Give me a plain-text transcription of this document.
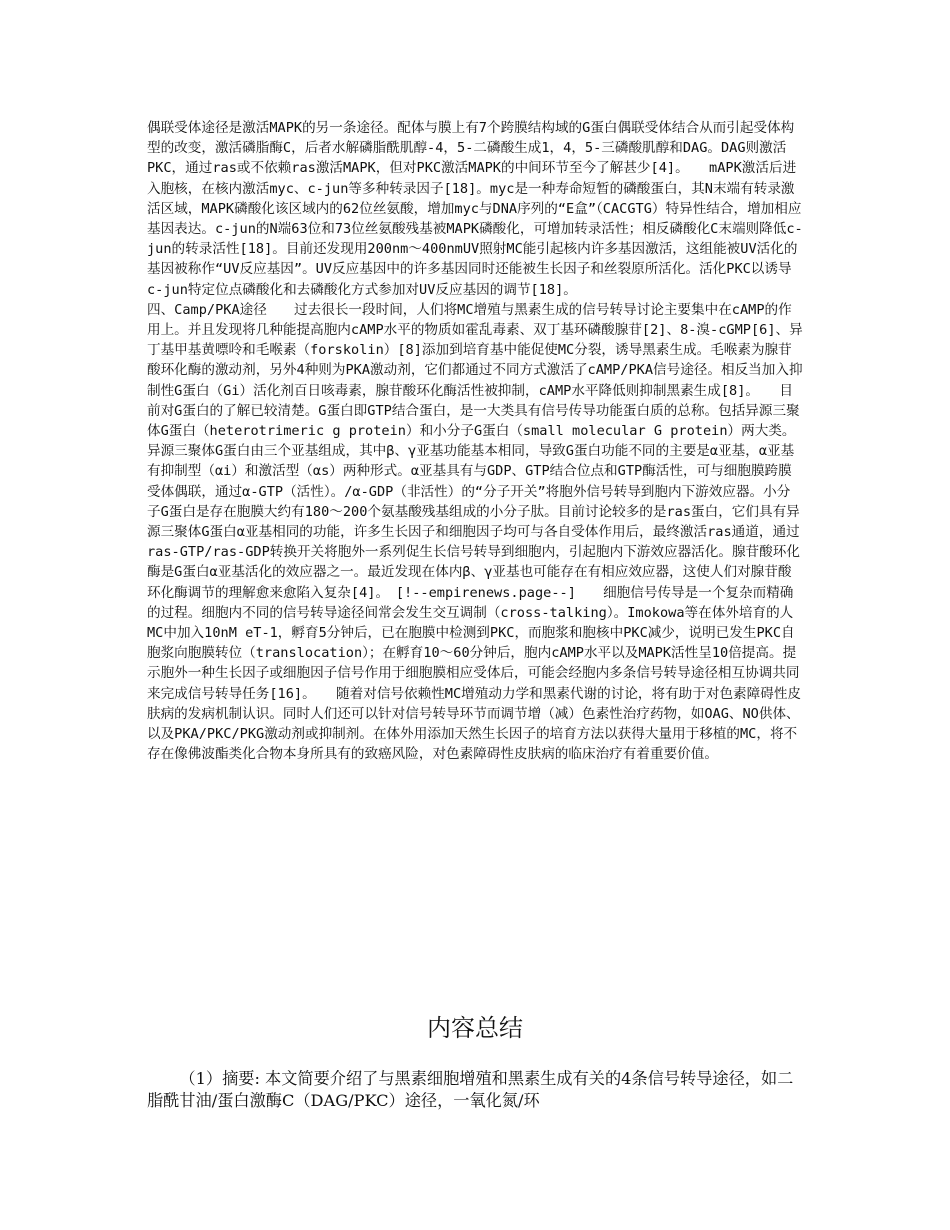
偶联受体途径是激活MAPK的另一条途径。配体与膜上有7个跨膜结构域的G蛋白偶联受体结合从而引起受体构型的改变，激活磷脂酶C，后者水解磷脂酰肌醇-4，5-二磷酸生成1，4，5-三磷酸肌醇和DAG。DAG则激活PKC，通过ras或不依赖ras激活MAPK，但对PKC激活MAPK的中间环节至今了解甚少[4]。　　mAPK激活后进入胞核，在核内激活myc、c-jun等多种转录因子[18]。myc是一种寿命短暂的磷酸蛋白，其N末端有转录激活区域，MAPK磷酸化该区域内的62位丝氨酸，增加myc与DNA序列的“E盒”（CACGTG）特异性结合，增加相应基因表达。c-jun的N端63位和73位丝氨酸残基被MAPK磷酸化，可增加转录活性；相反磷酸化C末端则降低c-jun的转录活性[18]。目前还发现用200nm～400nmUV照射MC能引起核内许多基因激活，这组能被UV活化的基因被称作“UV反应基因”。UV反应基因中的许多基因同时还能被生长因子和丝裂原所活化。活化PKC以诱导c-jun特定位点磷酸化和去磷酸化方式参加对UV反应基因的调节[18]。

四、Camp/PKA途径　　过去很长一段时间，人们将MC增殖与黑素生成的信号转导讨论主要集中在cAMP的作用上。并且发现将几种能提高胞内cAMP水平的物质如霍乱毒素、双丁基环磷酸腺苷[2]、8-溴-cGMP[6]、异丁基甲基黄嘌呤和毛喉素（forskolin）[8]添加到培育基中能促使MC分裂，诱导黑素生成。毛喉素为腺苷酸环化酶的激动剂，另外4种则为PKA激动剂，它们都通过不同方式激活了cAMP/PKA信号途径。相反当加入抑制性G蛋白（Gi）活化剂百日咳毒素，腺苷酸环化酶活性被抑制，cAMP水平降低则抑制黑素生成[8]。　　目前对G蛋白的了解已较清楚。G蛋白即GTP结合蛋白，是一大类具有信号传导功能蛋白质的总称。包括异源三聚体G蛋白（heterotrimeric g protein）和小分子G蛋白（small molecular G protein）两大类。异源三聚体G蛋白由三个亚基组成，其中β、γ亚基功能基本相同，导致G蛋白功能不同的主要是α亚基，α亚基有抑制型（αi）和激活型（αs）两种形式。α亚基具有与GDP、GTP结合位点和GTP酶活性，可与细胞膜跨膜受体偶联，通过α-GTP（活性）。/α-GDP（非活性）的“分子开关”将胞外信号转导到胞内下游效应器。小分子G蛋白是存在胞膜大约有180～200个氨基酸残基组成的小分子肽。目前讨论较多的是ras蛋白，它们具有异源三聚体G蛋白α亚基相同的功能，许多生长因子和细胞因子均可与各自受体作用后，最终激活ras通道，通过ras-GTP/ras-GDP转换开关将胞外一系列促生长信号转导到细胞内，引起胞内下游效应器活化。腺苷酸环化酶是G蛋白α亚基活化的效应器之一。最近发现在体内β、γ亚基也可能存在有相应效应器，这使人们对腺苷酸环化酶调节的理解愈来愈陷入复杂[4]。　[!--empirenews.page--]　　细胞信号传导是一个复杂而精确的过程。细胞内不同的信号转导途径间常会发生交互调制（cross-talking）。Imokowa等在体外培育的人MC中加入10nM eT-1，孵育5分钟后，已在胞膜中检测到PKC，而胞浆和胞核中PKC减少，说明已发生PKC自胞浆向胞膜转位（translocation）；在孵育10～60分钟后，胞内cAMP水平以及MAPK活性呈10倍提高。提示胞外一种生长因子或细胞因子信号作用于细胞膜相应受体后，可能会经胞内多条信号转导途径相互协调共同来完成信号转导任务[16]。　　随着对信号依赖性MC增殖动力学和黑素代谢的讨论，将有助于对色素障碍性皮肤病的发病机制认识。同时人们还可以针对信号转导环节而调节增（减）色素性治疗药物，如OAG、NO供体、以及PKA/PKC/PKG激动剂或抑制剂。在体外用添加天然生长因子的培育方法以获得大量用于移植的MC，将不存在像佛波酯类化合物本身所具有的致癌风险，对色素障碍性皮肤病的临床治疗有着重要价值。

内容总结

（1）摘要: 本文简要介绍了与黑素细胞增殖和黑素生成有关的4条信号转导途径，如二脂酰甘油/蛋白激酶C（DAG/PKC）途径，一氧化氮/环
